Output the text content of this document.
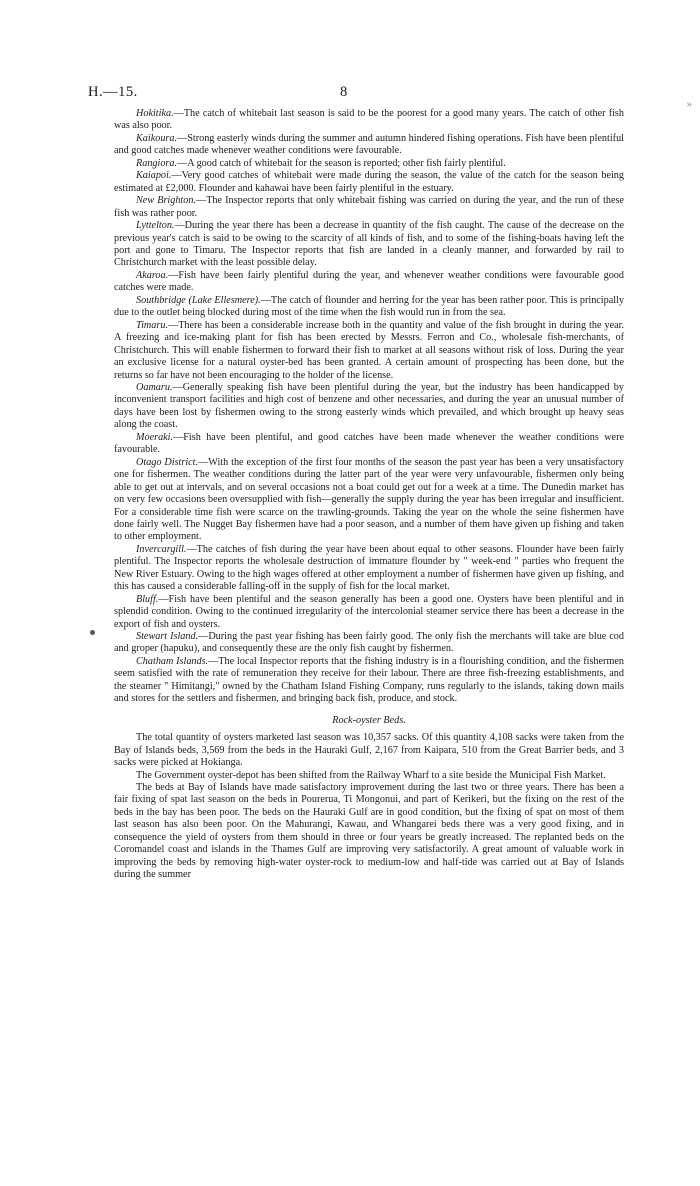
H.—15.	8
»

Hokitika.—The catch of whitebait last season is said to be the poorest for a good many years. The catch of other fish was also poor.

Kaikoura.—Strong easterly winds during the summer and autumn hindered fishing operations. Fish have been plentiful and good catches made whenever weather conditions were favourable.

Rangiora.—A good catch of whitebait for the season is reported; other fish fairly plentiful.

Kaiapoi.—Very good catches of whitebait were made during the season, the value of the catch for the season being estimated at £2,000. Flounder and kahawai have been fairly plentiful in the estuary.

New Brighton.—The Inspector reports that only whitebait fishing was carried on during the year, and the run of these fish was rather poor.

Lyttelton.—During the year there has been a decrease in quantity of the fish caught. The cause of the decrease on the previous year's catch is said to be owing to the scarcity of all kinds of fish, and to some of the fishing-boats having left the port and gone to Timaru. The Inspector reports that fish are landed in a cleanly manner, and forwarded by rail to Christchurch market with the least possible delay.

Akaroa.—Fish have been fairly plentiful during the year, and whenever weather conditions were favourable good catches were made.

Southbridge (Lake Ellesmere).—The catch of flounder and herring for the year has been rather poor. This is principally due to the outlet being blocked during most of the time when the fish would run in from the sea.

Timaru.—There has been a considerable increase both in the quantity and value of the fish brought in during the year. A freezing and ice-making plant for fish has been erected by Messrs. Ferron and Co., wholesale fish-merchants, of Christchurch. This will enable fishermen to forward their fish to market at all seasons without risk of loss. During the year an exclusive license for a natural oyster-bed has been granted. A certain amount of prospecting has been done, but the returns so far have not been encouraging to the holder of the license.

Oamaru.—Generally speaking fish have been plentiful during the year, but the industry has been handicapped by inconvenient transport facilities and high cost of benzene and other necessaries, and during the year an unusual number of days have been lost by fishermen owing to the strong easterly winds which prevailed, and which brought up heavy seas along the coast.

Moeraki.—Fish have been plentiful, and good catches have been made whenever the weather conditions were favourable.

Otago District.—With the exception of the first four months of the season the past year has been a very unsatisfactory one for fishermen. The weather conditions during the latter part of the year were very unfavourable, fishermen only being able to get out at intervals, and on several occasions not a boat could get out for a week at a time. The Dunedin market has on very few occasions been oversupplied with fish—generally the supply during the year has been irregular and insufficient. For a considerable time fish were scarce on the trawling-grounds. Taking the year on the whole the seine fishermen have done fairly well. The Nugget Bay fishermen have had a poor season, and a number of them have given up fishing and taken to other employment.

Invercargill.—The catches of fish during the year have been about equal to other seasons. Flounder have been fairly plentiful. The Inspector reports the wholesale destruction of immature flounder by " week-end " parties who frequent the New River Estuary. Owing to the high wages offered at other employment a number of fishermen have given up fishing, and this has caused a considerable falling-off in the supply of fish for the local market.

Bluff.—Fish have been plentiful and the season generally has been a good one. Oysters have been plentiful and in splendid condition. Owing to the continued irregularity of the intercolonial steamer service there has been a decrease in the export of fish and oysters.

Stewart Island.—During the past year fishing has been fairly good. The only fish the merchants will take are blue cod and groper (hapuku), and consequently these are the only fish caught by fishermen.

Chatham Islands.—The local Inspector reports that the fishing industry is in a flourishing condition, and the fishermen seem satisfied with the rate of remuneration they receive for their labour. There are three fish-freezing establishments, and the steamer " Himitangi," owned by the Chatham Island Fishing Company, runs regularly to the islands, taking down mails and stores for the settlers and fishermen, and bringing back fish, produce, and stock.

Rock-oyster Beds.

The total quantity of oysters marketed last season was 10,357 sacks. Of this quantity 4,108 sacks were taken from the Bay of Islands beds, 3,569 from the beds in the Hauraki Gulf, 2,167 from Kaipara, 510 from the Great Barrier beds, and 3 sacks were picked at Hokianga.

The Government oyster-depot has been shifted from the Railway Wharf to a site beside the Municipal Fish Market.

The beds at Bay of Islands have made satisfactory improvement during the last two or three years. There has been a fair fixing of spat last season on the beds in Pourerua, Ti Mongonui, and part of Kerikeri, but the fixing on the rest of the beds in the bay has been poor. The beds on the Hauraki Gulf are in good condition, but the fixing of spat on most of them last season has also been poor. On the Mahurangi, Kawau, and Whangarei beds there was a very good fixing, and in consequence the yield of oysters from them should in three or four years be greatly increased. The replanted beds on the Coromandel coast and islands in the Thames Gulf are improving very satisfactorily. A great amount of valuable work in improving the beds by removing high-water oyster-rock to medium-low and half-tide was carried out at Bay of Islands during the summer
